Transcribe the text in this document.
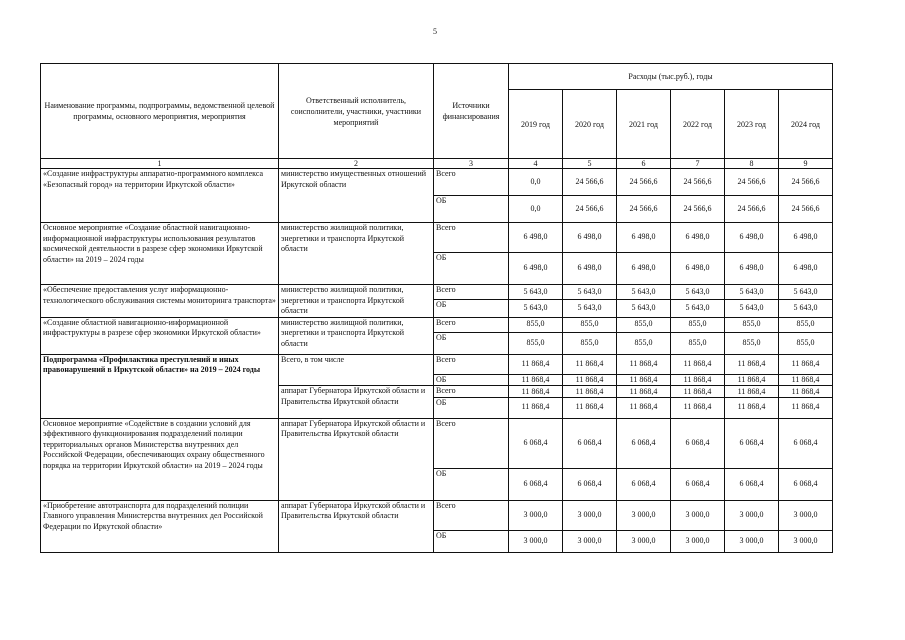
5
Наименование программы, подпрограммы, ведомственной целевой программы, основного мероприятия, мероприятия	Ответственный исполнитель, соисполнители, участники, участники мероприятий	Источники финансирования	Расходы (тыс.руб.), годы					
			2019 год	2020 год	2021 год	2022 год	2023 год	2024 год
1	2	3	4	5	6	7	8	9
«Создание инфраструктуры аппаратно-программного комплекса «Безопасный город» на территории Иркутской области»	министерство имущественных отношений Иркутской области	Всего	0,0	24 566,6	24 566,6	24 566,6	24 566,6	24 566,6
		ОБ	0,0	24 566,6	24 566,6	24 566,6	24 566,6	24 566,6
Основное мероприятие «Создание областной навигационно-информационной инфраструктуры использования результатов космической деятельности в разрезе сфер экономики Иркутской области» на 2019 – 2024 годы	министерство жилищной политики, энергетики и транспорта Иркутской области	Всего	6 498,0	6 498,0	6 498,0	6 498,0	6 498,0	6 498,0
		ОБ	6 498,0	6 498,0	6 498,0	6 498,0	6 498,0	6 498,0
«Обеспечение предоставления услуг информационно-технологического обслуживания системы мониторинга транспорта»	министерство жилищной политики, энергетики и транспорта Иркутской области	Всего	5 643,0	5 643,0	5 643,0	5 643,0	5 643,0	5 643,0
		ОБ	5 643,0	5 643,0	5 643,0	5 643,0	5 643,0	5 643,0
«Создание областной навигационно-информационной инфраструктуры в разрезе сфер экономики Иркутской области»	министерство жилищной политики, энергетики и транспорта Иркутской области	Всего	855,0	855,0	855,0	855,0	855,0	855,0
		ОБ	855,0	855,0	855,0	855,0	855,0	855,0
Подпрограмма «Профилактика преступлений и иных правонарушений в Иркутской области» на 2019 – 2024 годы	Всего, в том числе	Всего	11 868,4	11 868,4	11 868,4	11 868,4	11 868,4	11 868,4
		ОБ	11 868,4	11 868,4	11 868,4	11 868,4	11 868,4	11 868,4
	аппарат Губернатора Иркутской области и Правительства Иркутской области	Всего	11 868,4	11 868,4	11 868,4	11 868,4	11 868,4	11 868,4
		ОБ	11 868,4	11 868,4	11 868,4	11 868,4	11 868,4	11 868,4
Основное мероприятие «Содействие в создании условий для эффективного функционирования подразделений полиции территориальных органов Министерства внутренних дел Российской Федерации, обеспечивающих охрану общественного порядка на территории Иркутской области» на 2019 – 2024 годы	аппарат Губернатора Иркутской области и Правительства Иркутской области	Всего	6 068,4	6 068,4	6 068,4	6 068,4	6 068,4	6 068,4
		ОБ	6 068,4	6 068,4	6 068,4	6 068,4	6 068,4	6 068,4
«Приобретение автотранспорта для подразделений полиции Главного управления Министерства внутренних дел Российской Федерации по Иркутской области»	аппарат Губернатора Иркутской области и Правительства Иркутской области	Всего	3 000,0	3 000,0	3 000,0	3 000,0	3 000,0	3 000,0
		ОБ	3 000,0	3 000,0	3 000,0	3 000,0	3 000,0	3 000,0
